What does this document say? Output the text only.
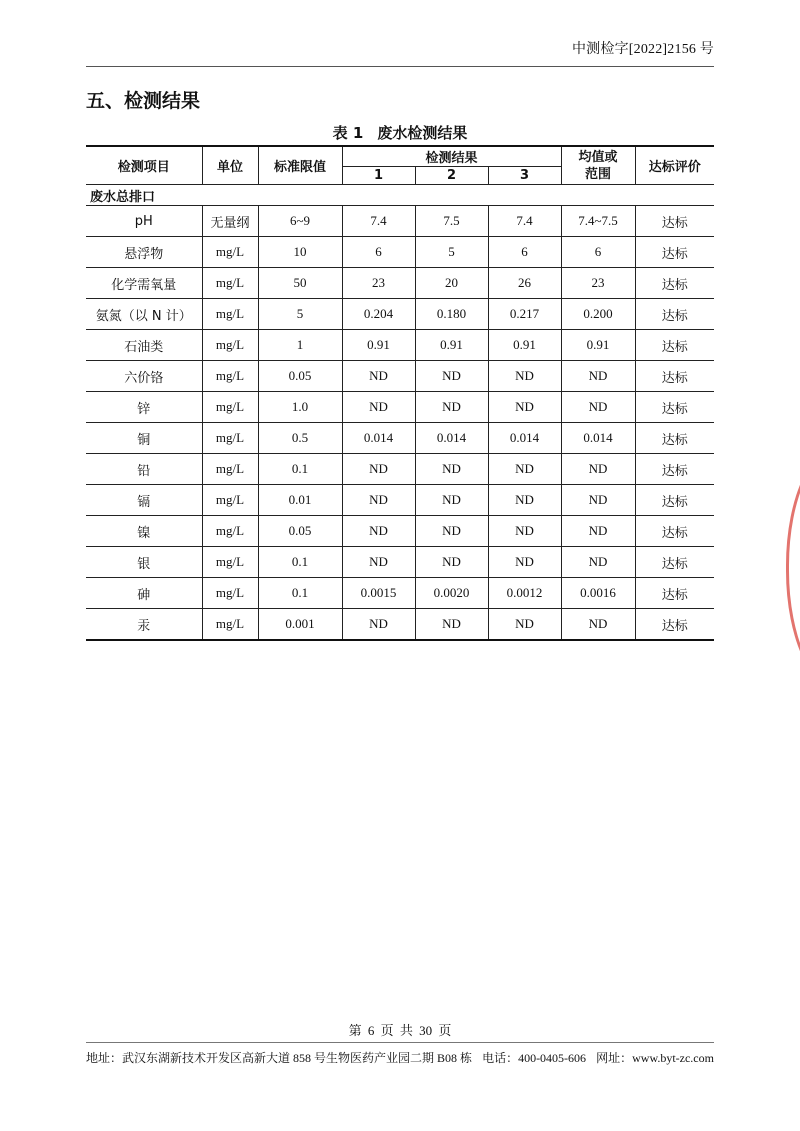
中测检字[2022]2156 号
五、检测结果
表 1 废水检测结果
检测项目	单位	标准限值	检测结果			均值或范围	达标评价
			1	2	3		
废水总排口							
pH	无量纲	6~9	7.4	7.5	7.4	7.4~7.5	达标
悬浮物	mg/L	10	6	5	6	6	达标
化学需氧量	mg/L	50	23	20	26	23	达标
氨氮（以 N 计）	mg/L	5	0.204	0.180	0.217	0.200	达标
石油类	mg/L	1	0.91	0.91	0.91	0.91	达标
六价铬	mg/L	0.05	ND	ND	ND	ND	达标
锌	mg/L	1.0	ND	ND	ND	ND	达标
铜	mg/L	0.5	0.014	0.014	0.014	0.014	达标
铅	mg/L	0.1	ND	ND	ND	ND	达标
镉	mg/L	0.01	ND	ND	ND	ND	达标
镍	mg/L	0.05	ND	ND	ND	ND	达标
银	mg/L	0.1	ND	ND	ND	ND	达标
砷	mg/L	0.1	0.0015	0.0020	0.0012	0.0016	达标
汞	mg/L	0.001	ND	ND	ND	ND	达标
第 6 页 共 30 页
地址：武汉东湖新技术开发区高新大道 858 号生物医药产业园二期 B08 栋 电话：400-0405-606 网址：www.byt-zc.com
